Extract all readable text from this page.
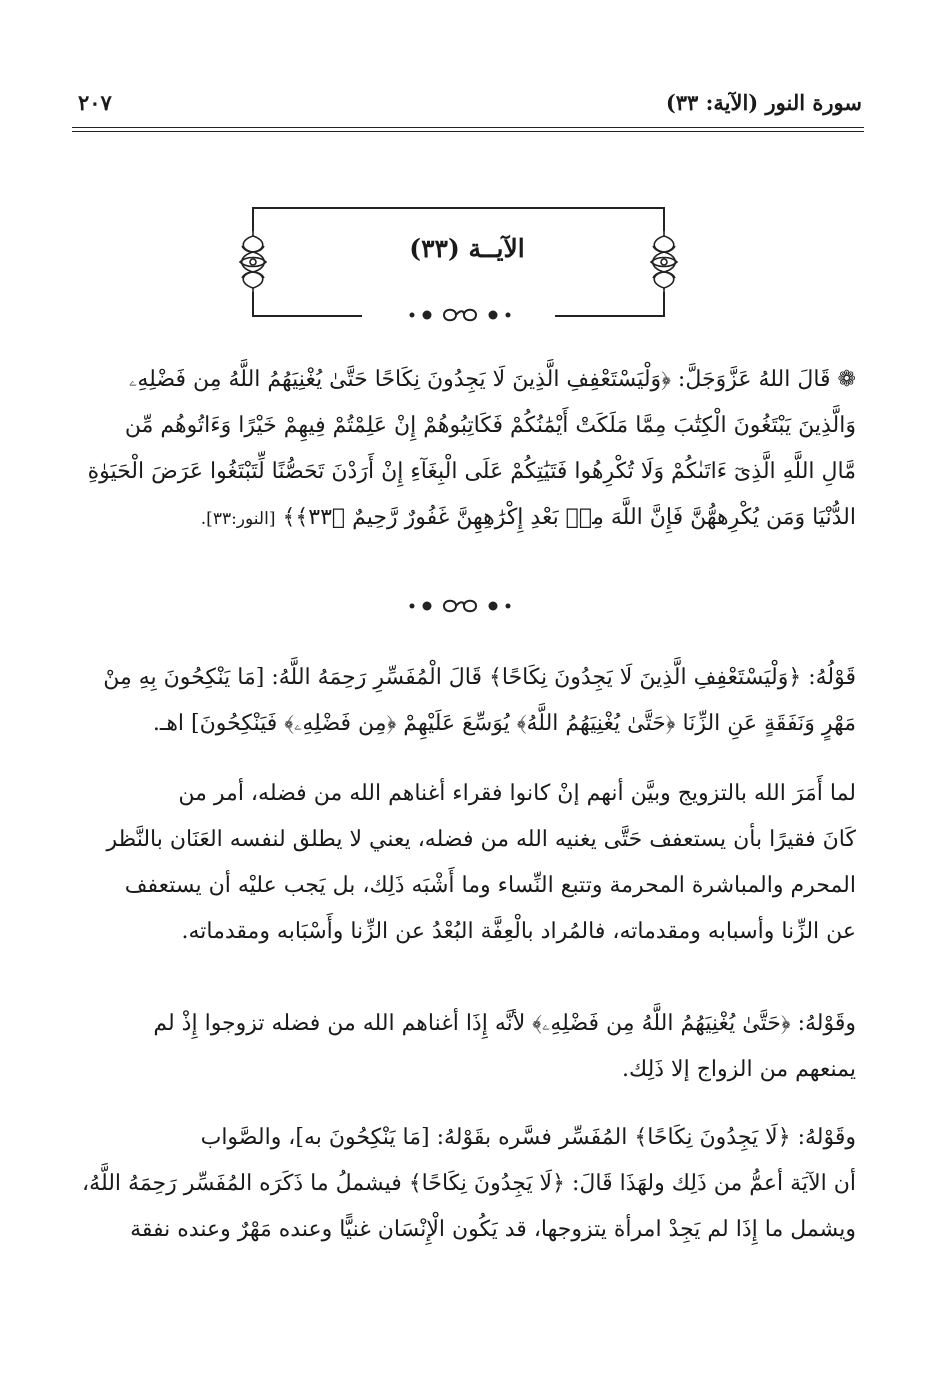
سورة النور (الآية: ٣٣)
٢٠٧
الآيــة (٣٣)
❁ قَالَ اللهُ عَزَّوَجَلَّ: ﴿وَلْيَسْتَعْفِفِ الَّذِينَ لَا يَجِدُونَ نِكَاحًا حَتَّىٰ يُغْنِيَهُمُ اللَّهُ مِن فَضْلِهِۦ
وَالَّذِينَ يَبْتَغُونَ الْكِتَٰبَ مِمَّا مَلَكَتْ أَيْمَٰنُكُمْ فَكَاتِبُوهُمْ إِنْ عَلِمْتُمْ فِيهِمْ خَيْرًا وَءَاتُوهُم مِّن
مَّالِ اللَّهِ الَّذِىٓ ءَاتَىٰكُمْ وَلَا تُكْرِهُوا فَتَيَٰتِكُمْ عَلَى الْبِغَآءِ إِنْ أَرَدْنَ تَحَصُّنًا لِّتَبْتَغُوا عَرَضَ الْحَيَوٰةِ
الدُّنْيَا وَمَن يُكْرِههُّنَّ فَإِنَّ اللَّهَ مِنۢ بَعْدِ إِكْرَٰهِهِنَّ غَفُورٌ رَّحِيمٌ ﴿٣٣﴾﴾ [النور:٣٣].
قَوْلُهُ: ﴿وَلْيَسْتَعْفِفِ الَّذِينَ لَا يَجِدُونَ نِكَاحًا﴾ قَالَ الْمُفَسِّرِ رَحِمَهُ اللَّهُ: [مَا يَنْكِحُونَ بِهِ مِنْ
مَهْرٍ وَنَفَقَةٍ عَنِ الزِّنَا ﴿حَتَّىٰ يُغْنِيَهُمُ اللَّهُ﴾ يُوَسِّعَ عَلَيْهِمْ ﴿مِن فَضْلِهِۦ﴾ فَيَنْكِحُونَ] اهـ.
لما أَمَرَ الله بالتزويج وبيَّن أنهم إنْ كانوا فقراء أغناهم الله من فضله، أمر من
كَانَ فقيرًا بأن يستعفف حَتَّى يغنيه الله من فضله، يعني لا يطلق لنفسه العَنَان بالنَّظر
المحرم والمباشرة المحرمة وتتبع النِّساء وما أَشْبَه ذَلِك، بل يَجب عليْه أن يستعفف
عن الزِّنا وأسبابه ومقدماته، فالمُراد بالْعِفَّة البُعْدُ عن الزِّنا وأَسْبَابه ومقدماته.
وقَوْلهُ: ﴿حَتَّىٰ يُغْنِيَهُمُ اللَّهُ مِن فَضْلِهِۦ﴾ لأنَّه إِذَا أغناهم الله من فضله تزوجوا إِذْ لم
يمنعهم من الزواج إلا ذَلِك.
وقَوْلهُ: ﴿لَا يَجِدُونَ نِكَاحًا﴾ المُفَسِّر فسَّره بقَوْلهُ: [مَا يَنْكِحُونَ به]، والصَّواب
أن الآيَة أعمُّ من ذَلِك ولهَذَا قَالَ: ﴿لَا يَجِدُونَ نِكَاحًا﴾ فيشملُ ما ذَكَرَه المُفَسِّر رَحِمَهُ اللَّهُ،
ويشمل ما إِذَا لم يَجِدْ امرأة يتزوجها، قد يَكُون الْإِنْسَان غنيًّا وعنده مَهْرٌ وعنده نفقة
